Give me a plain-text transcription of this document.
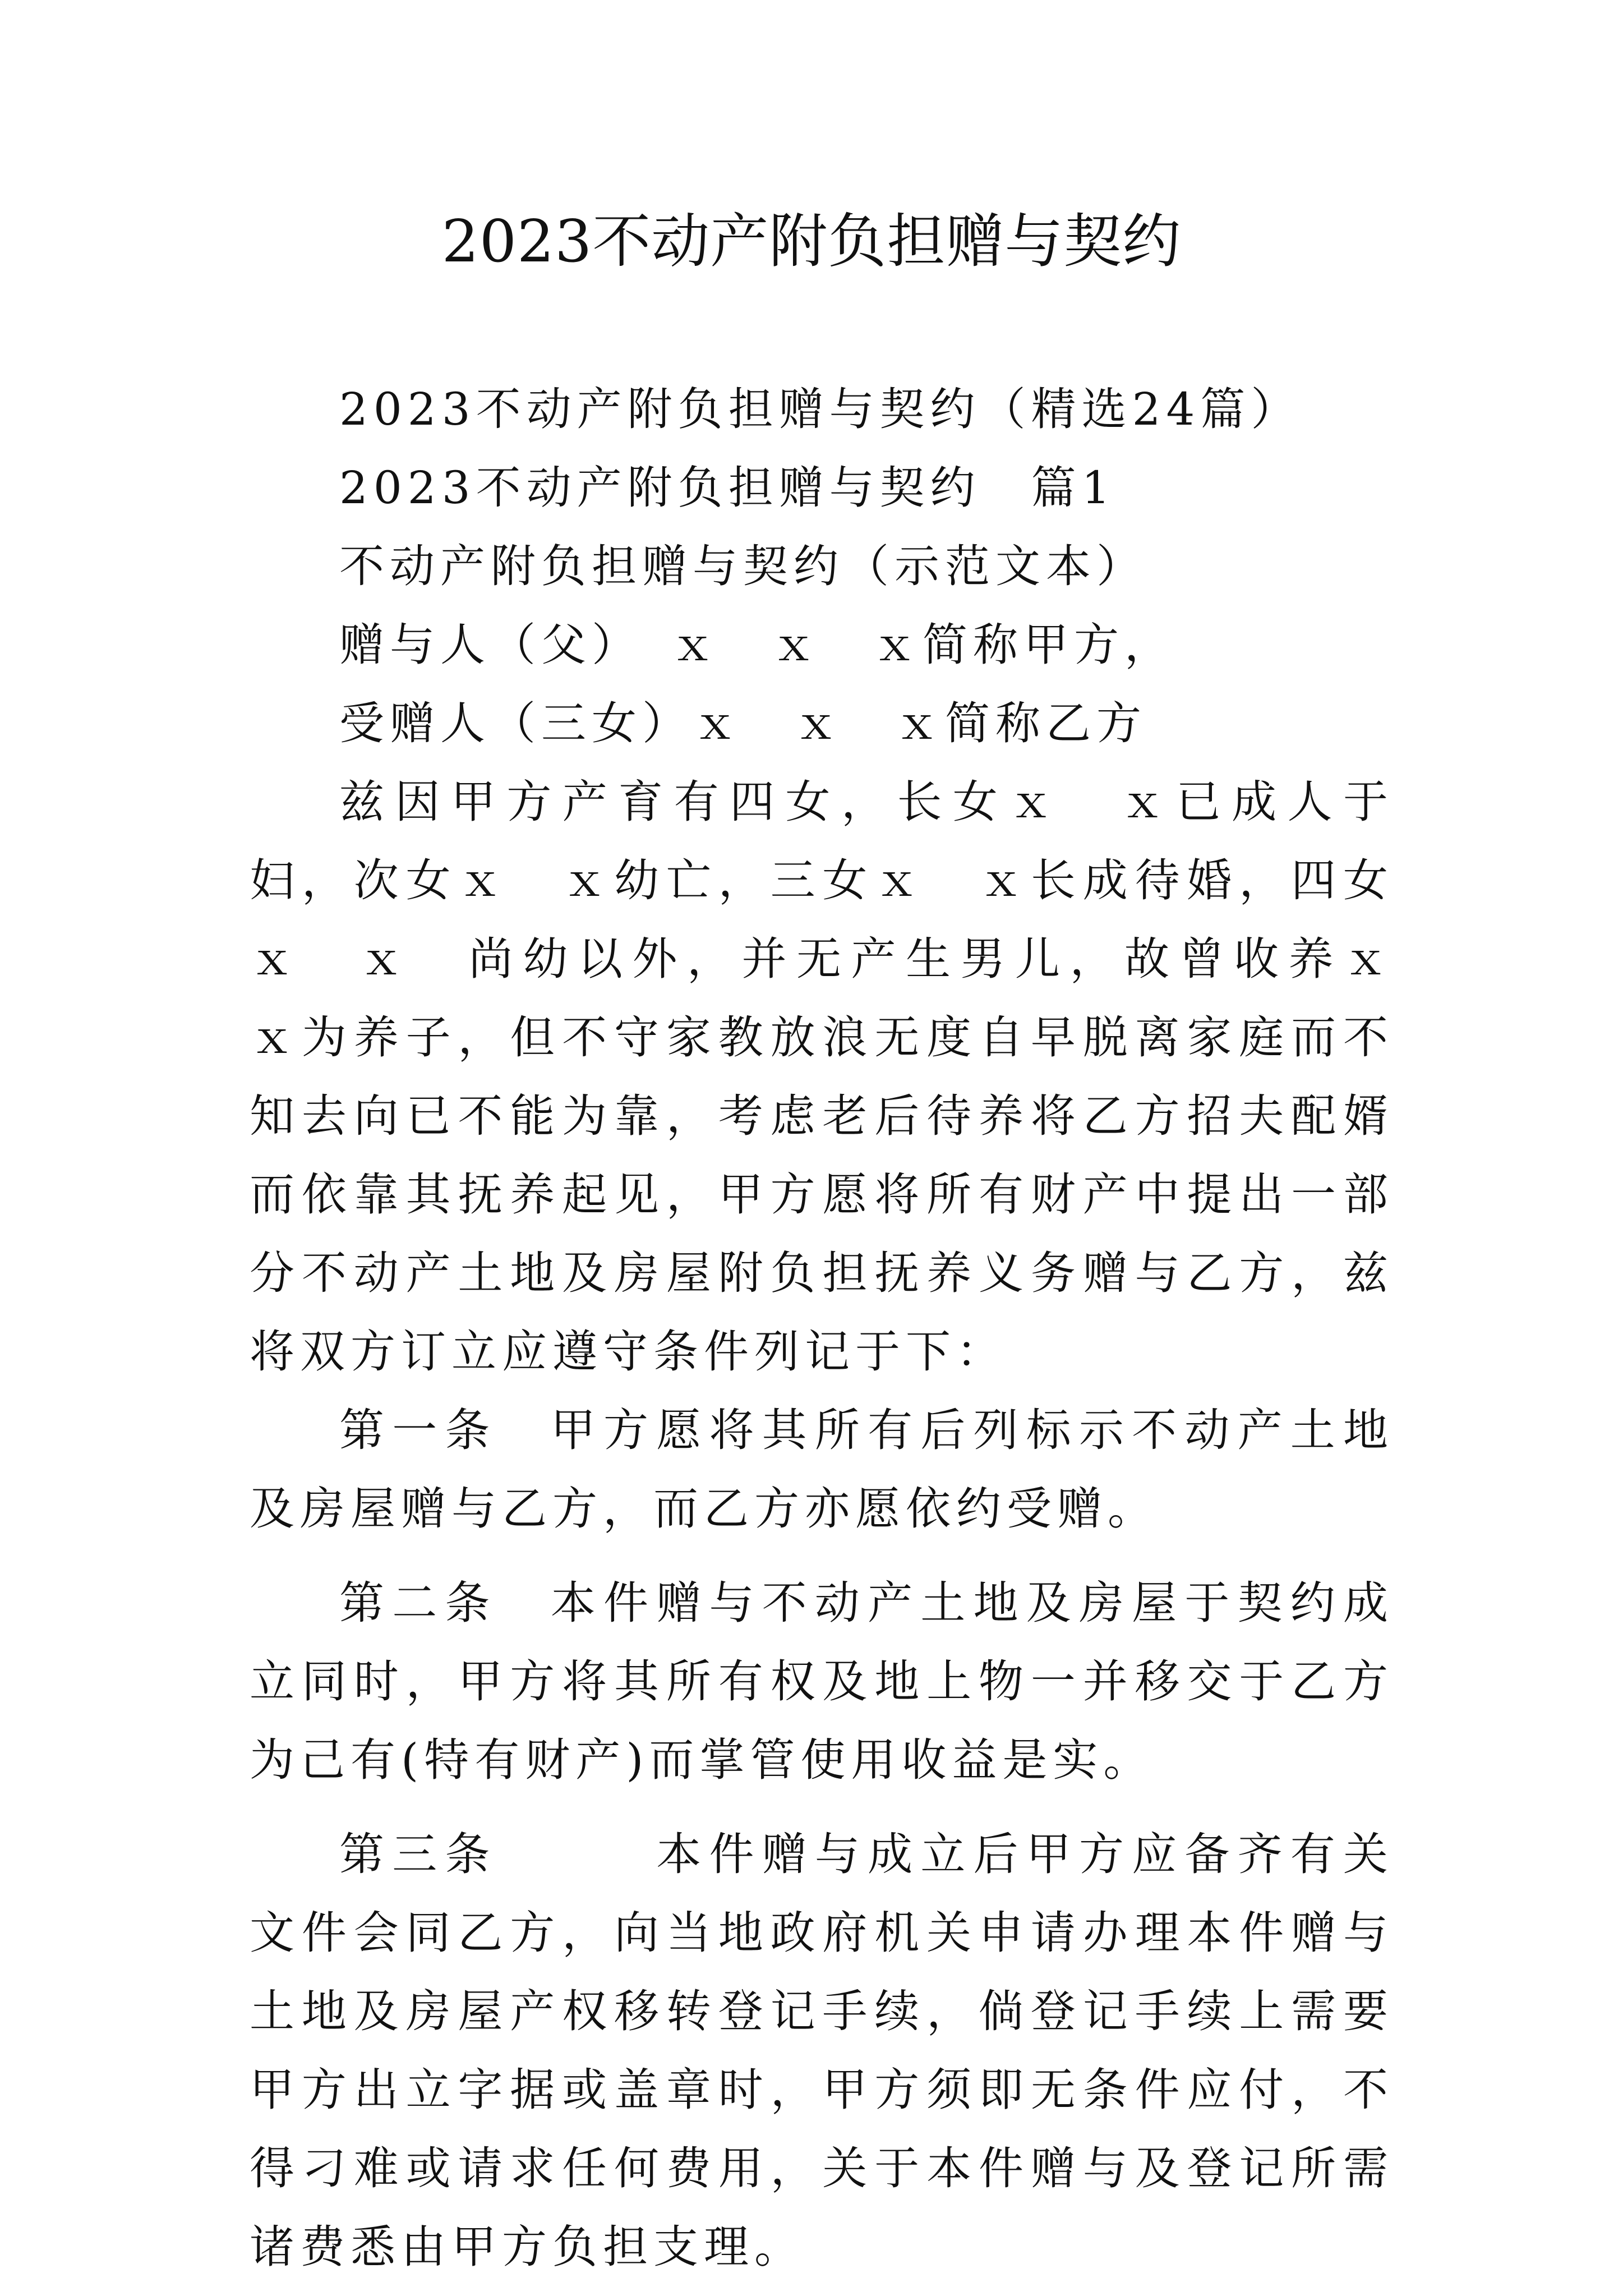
2023不动产附负担赠与契约

2023不动产附负担赠与契约（精选24篇）

2023不动产附负担赠与契约　篇1

不动产附负担赠与契约（示范文本）

赠与人（父）　ｘ　ｘ　ｘ简称甲方，

受赠人（三女）ｘ　ｘ　ｘ简称乙方

兹因甲方产育有四女，长女ｘ　ｘ已成人于妇，次女ｘ　ｘ幼亡，三女ｘ　ｘ长成待婚，四女ｘ　ｘ　尚幼以外，并无产生男儿，故曾收养ｘ　　　ｘ为养子，但不守家教放浪无度自早脱离家庭而不知去向已不能为靠，考虑老后待养将乙方招夫配婿而依靠其抚养起见，甲方愿将所有财产中提出一部分不动产土地及房屋附负担抚养义务赠与乙方，兹将双方订立应遵守条件列记于下：

第一条　甲方愿将其所有后列标示不动产土地及房屋赠与乙方，而乙方亦愿依约受赠。

第二条　本件赠与不动产土地及房屋于契约成立同时，甲方将其所有权及地上物一并移交于乙方为己有(特有财产)而掌管使用收益是实。

第三条　　　本件赠与成立后甲方应备齐有关文件会同乙方，向当地政府机关申请办理本件赠与土地及房屋产权移转登记手续，倘登记手续上需要甲方出立字据或盖章时，甲方须即无条件应付，不得刁难或请求任何费用，关于本件赠与及登记所需诸费悉由甲方负担支理。
